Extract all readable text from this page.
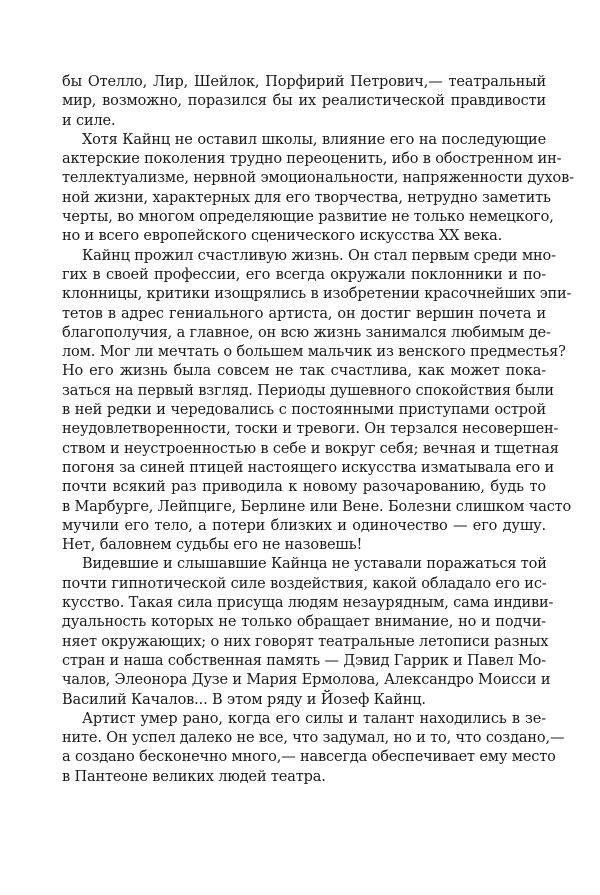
бы Отелло, Лир, Шейлок, Порфирий Петрович,— театральный
мир, возможно, поразился бы их реалистической правдивости
и силе.
Хотя Кайнц не оставил школы, влияние его на последующие
актерские поколения трудно переоценить, ибо в обостренном ин-
теллектуализме, нервной эмоциональности, напряженности духов-
ной жизни, характерных для его творчества, нетрудно заметить
черты, во многом определяющие развитие не только немецкого,
но и всего европейского сценического искусства XX века.
Кайнц прожил счастливую жизнь. Он стал первым среди мно-
гих в своей профессии, его всегда окружали поклонники и по-
клонницы, критики изощрялись в изобретении красочнейших эпи-
тетов в адрес гениального артиста, он достиг вершин почета и
благополучия, а главное, он всю жизнь занимался любимым де-
лом. Мог ли мечтать о большем мальчик из венского предместья?
Но его жизнь была совсем не так счастлива, как может пока-
заться на первый взгляд. Периоды душевного спокойствия были
в ней редки и чередовались с постоянными приступами острой
неудовлетворенности, тоски и тревоги. Он терзался несовершен-
ством и неустроенностью в себе и вокруг себя; вечная и тщетная
погоня за синей птицей настоящего искусства изматывала его и
почти всякий раз приводила к новому разочарованию, будь то
в Марбурге, Лейпциге, Берлине или Вене. Болезни слишком часто
мучили его тело, а потери близких и одиночество — его душу.
Нет, баловнем судьбы его не назовешь!
Видевшие и слышавшие Кайнца не уставали поражаться той
почти гипнотической силе воздействия, какой обладало его ис-
кусство. Такая сила присуща людям незаурядным, сама индиви-
дуальность которых не только обращает внимание, но и подчи-
няет окружающих; о них говорят театральные летописи разных
стран и наша собственная память — Дэвид Гаррик и Павел Мо-
чалов, Элеонора Дузе и Мария Ермолова, Александро Моисси и
Василий Качалов... В этом ряду и Йозеф Кайнц.
Артист умер рано, когда его силы и талант находились в зе-
ните. Он успел далеко не все, что задумал, но и то, что создано,—
а создано бесконечно много,— навсегда обеспечивает ему место
в Пантеоне великих людей театра.
